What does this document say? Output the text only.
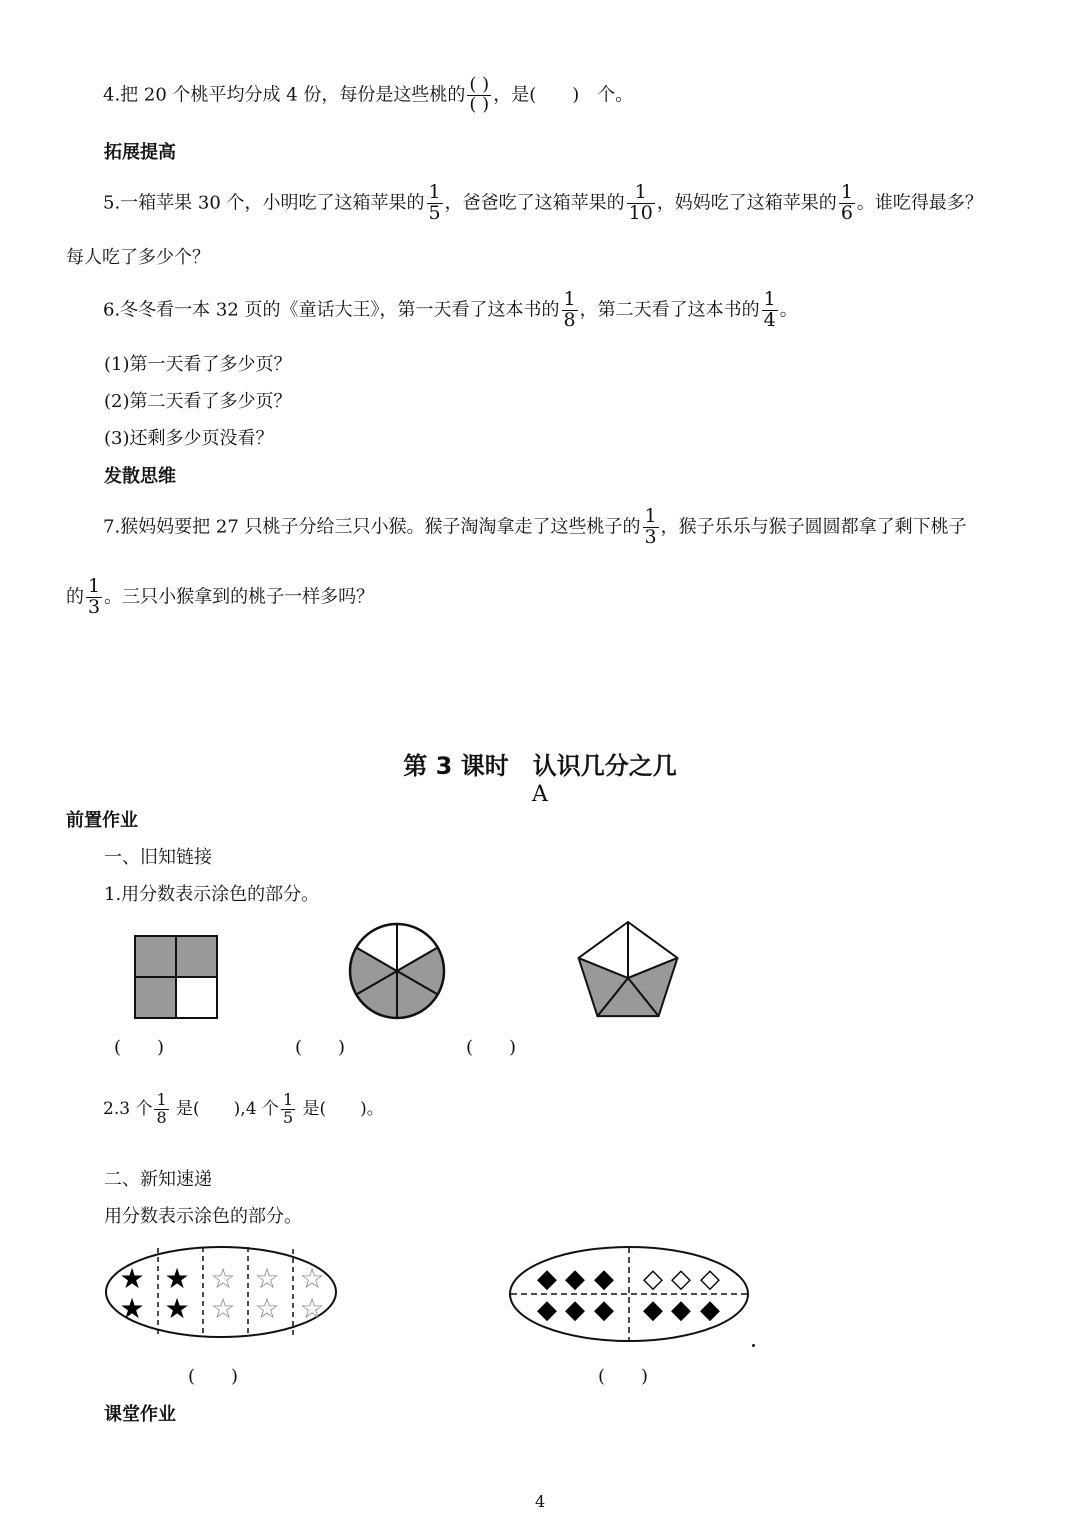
4.把 20 个桃平均分成 4 份，每份是这些桃的 $\frac{( )}{( )}$ ，是(　　)　个。
拓展提高
5.一箱苹果 30 个，小明吃了这箱苹果的 $\frac{1}{5}$ ，爸爸吃了这箱苹果的 $\frac{1}{10}$ ，妈妈吃了这箱苹果的 $\frac{1}{6}$ 。谁吃得最多？
每人吃了多少个？
6.冬冬看一本 32 页的《童话大王》，第一天看了这本书的 $\frac{1}{8}$ ，第二天看了这本书的 $\frac{1}{4}$ 。
(1)第一天看了多少页？
(2)第二天看了多少页？
(3)还剩多少页没看？
发散思维
7.猴妈妈要把 27 只桃子分给三只小猴。猴子淘淘拿走了这些桃子的 $\frac{1}{3}$ ，猴子乐乐与猴子圆圆都拿了剩下桃子
的 $\frac{1}{3}$ 。三只小猴拿到的桃子一样多吗？
第 3 课时　认识几分之几
A
前置作业
一、旧知链接
1.用分数表示涂色的部分。
(　　)	(　　)	(　　)
2.3 个 $\frac{1}{8}$ 是(　　),4 个 $\frac{1}{5}$ 是(　　)。
二、新知速递
用分数表示涂色的部分。
★
★
★
★
☆
☆
☆
☆
☆
☆
◆ ◆ ◆ ◇ ◇ ◇
◆ ◆ ◆ ◆ ◆ ◆
(　　)	(　　)
课堂作业
4
